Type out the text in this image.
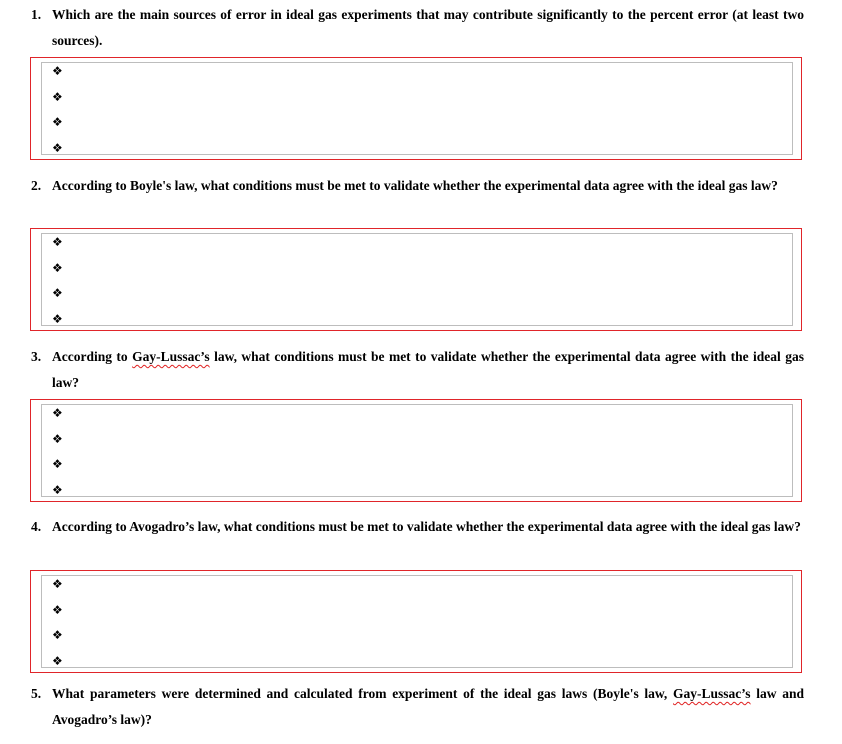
1. Which are the main sources of error in ideal gas experiments that may contribute significantly to the percent error (at least two sources).
❖
❖
❖
❖
2. According to Boyle's law, what conditions must be met to validate whether the experimental data agree with the ideal gas law?
❖
❖
❖
❖
3. According to Gay-Lussac’s law, what conditions must be met to validate whether the experimental data agree with the ideal gas law?
❖
❖
❖
❖
4. According to Avogadro’s law, what conditions must be met to validate whether the experimental data agree with the ideal gas law?
❖
❖
❖
❖
5. What parameters were determined and calculated from experiment of the ideal gas laws (Boyle's law, Gay-Lussac’s law and Avogadro’s law)?
